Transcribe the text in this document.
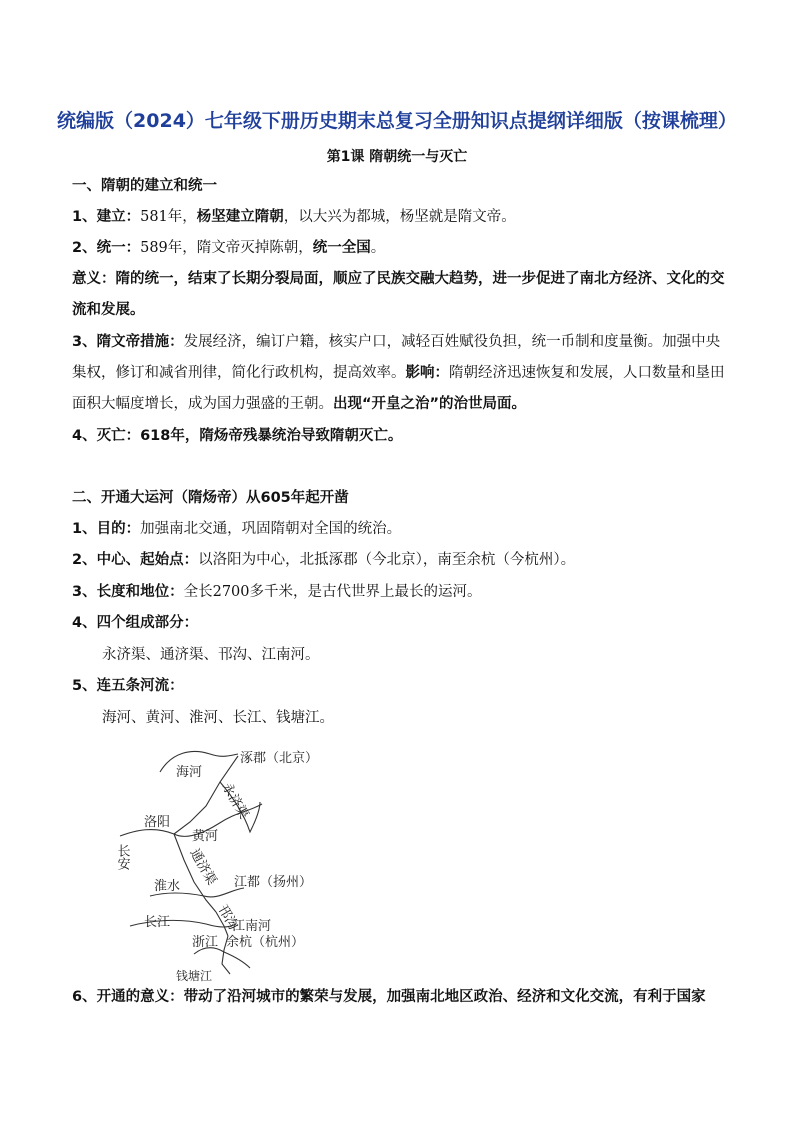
统编版（2024）七年级下册历史期末总复习全册知识点提纲详细版（按课梳理）
第1课 隋朝统一与灭亡
一、隋朝的建立和统一
1、建立：581年，杨坚建立隋朝，以大兴为都城，杨坚就是隋文帝。
2、统一：589年，隋文帝灭掉陈朝，统一全国。
意义：隋的统一，结束了长期分裂局面，顺应了民族交融大趋势，进一步促进了南北方经济、文化的交流和发展。
3、隋文帝措施：发展经济，编订户籍，核实户口，减轻百姓赋役负担，统一币制和度量衡。加强中央集权，修订和减省刑律，简化行政机构，提高效率。影响：隋朝经济迅速恢复和发展，人口数量和垦田面积大幅度增长，成为国力强盛的王朝。出现“开皇之治”的治世局面。
4、灭亡：618年，隋炀帝残暴统治导致隋朝灭亡。
二、开通大运河（隋炀帝）从605年起开凿
1、目的：加强南北交通，巩固隋朝对全国的统治。
2、中心、起始点：以洛阳为中心，北抵涿郡（今北京），南至余杭（今杭州）。
3、长度和地位：全长2700多千米，是古代世界上最长的运河。
4、四个组成部分：
永济渠、通济渠、邗沟、江南河。
5、连五条河流：
海河、黄河、淮河、长江、钱塘江。
海河
涿郡（北京）
永济渠
洛阳
长安
黄河
通济渠
淮水	江都（扬州）
邗沟
长江	江南河
浙江 余杭（杭州）
钱塘江
6、开通的意义：带动了沿河城市的繁荣与发展，加强南北地区政治、经济和文化交流，有利于国家
